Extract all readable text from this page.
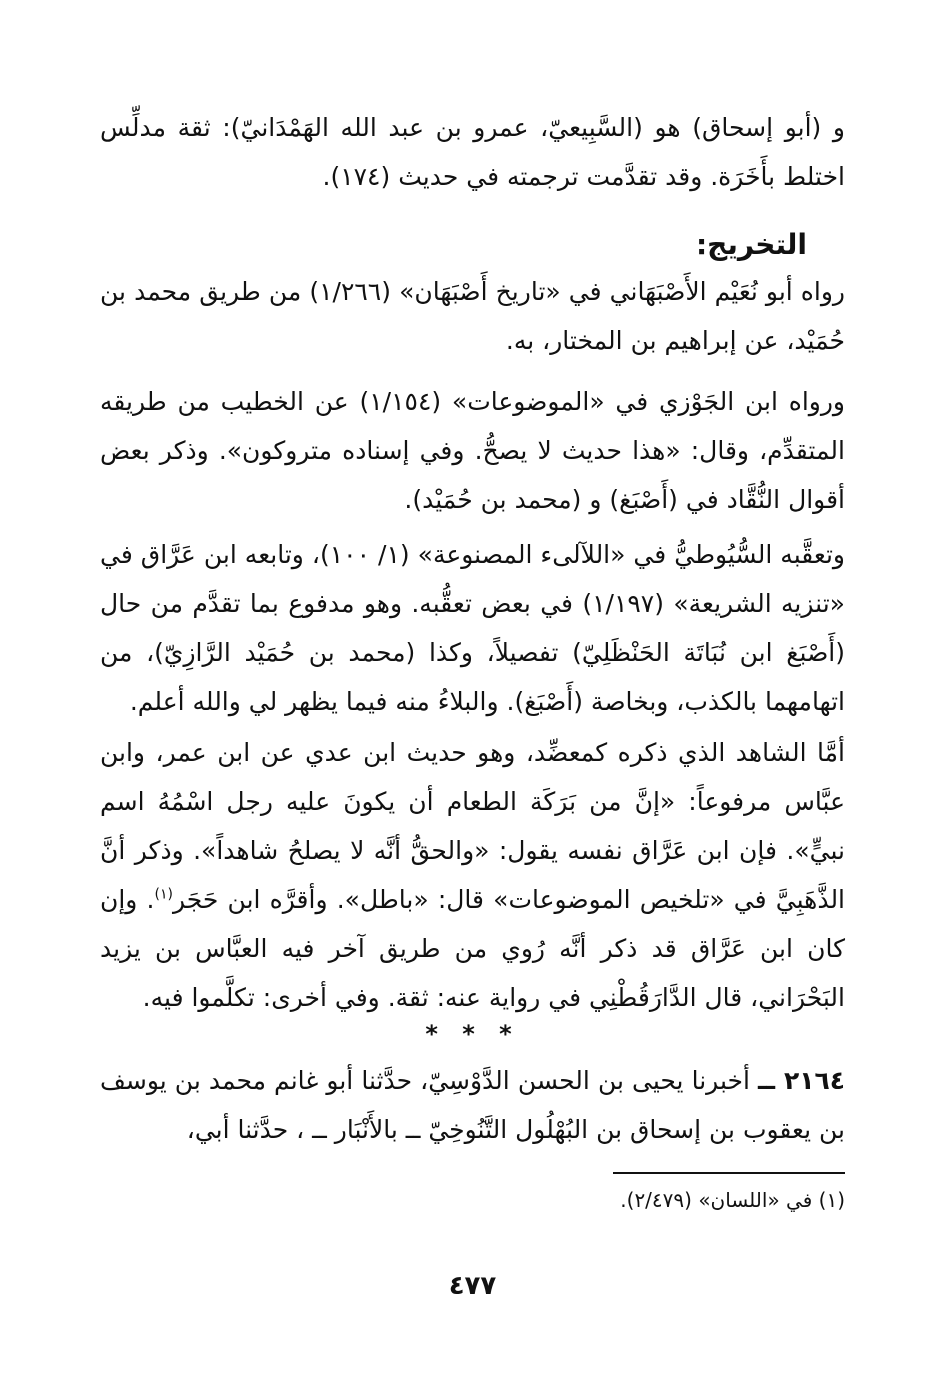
و (أبو إسحاق) هو (السَّبِيعيّ، عمرو بن عبد الله الهَمْدَانيّ): ثقة مدلِّس اختلط بأَخَرَة. وقد تقدَّمت ترجمته في حديث (١٧٤).

التخريج:

رواه أبو نُعَيْم الأَصْبَهَاني في «تاريخ أَصْبَهَان» (١/٢٦٦) من طريق محمد بن حُمَيْد، عن إبراهيم بن المختار، به.

ورواه ابن الجَوْزي في «الموضوعات» (١/١٥٤) عن الخطيب من طريقه المتقدِّم، وقال: «هذا حديث لا يصحُّ. وفي إسناده متروكون». وذكر بعض أقوال النُّقَّاد في (أَصْبَغ) و (محمد بن حُمَيْد).

وتعقَّبه السُّيُوطيُّ في «اللآلىء المصنوعة» (١/ ١٠٠)، وتابعه ابن عَرَّاق في «تنزيه الشريعة» (١/١٩٧) في بعض تعقُّبه. وهو مدفوع بما تقدَّم من حال (أَصْبَغ ابن نُبَاتَة الحَنْظَلِيّ) تفصيلاً، وكذا (محمد بن حُمَيْد الرَّازِيّ)، من اتهامهما بالكذب، وبخاصة (أَصْبَغ). والبلاءُ منه فيما يظهر لي والله أعلم.

أمَّا الشاهد الذي ذكره كمعضِّد، وهو حديث ابن عدي عن ابن عمر، وابن عبَّاس مرفوعاً: «إنَّ من بَرَكَة الطعام أن يكونَ عليه رجل اسْمُهُ اسم نبيٍّ». فإن ابن عَرَّاق نفسه يقول: «والحقُّ أنَّه لا يصلحُ شاهداً». وذكر أنَّ الذَّهَبِيَّ في «تلخيص الموضوعات» قال: «باطل». وأقرَّه ابن حَجَر$^{(١)}$. وإن كان ابن عَرَّاق قد ذكر أنَّه رُوي من طريق آخر فيه العبَّاس بن يزيد البَحْرَاني، قال الدَّارَقُطْنِي في رواية عنه: ثقة. وفي أخرى: تكلَّموا فيه.

* * *

٢١٦٤ ــ أخبرنا يحيى بن الحسن الدَّوْسِيّ، حدَّثنا أبو غانم محمد بن يوسف بن يعقوب بن إسحاق بن البُهْلُول التَّنُوخِيّ ــ بالأَنْبَار ــ ، حدَّثنا أبي،

(١) في «اللسان» (٢/٤٧٩).

٤٧٧
